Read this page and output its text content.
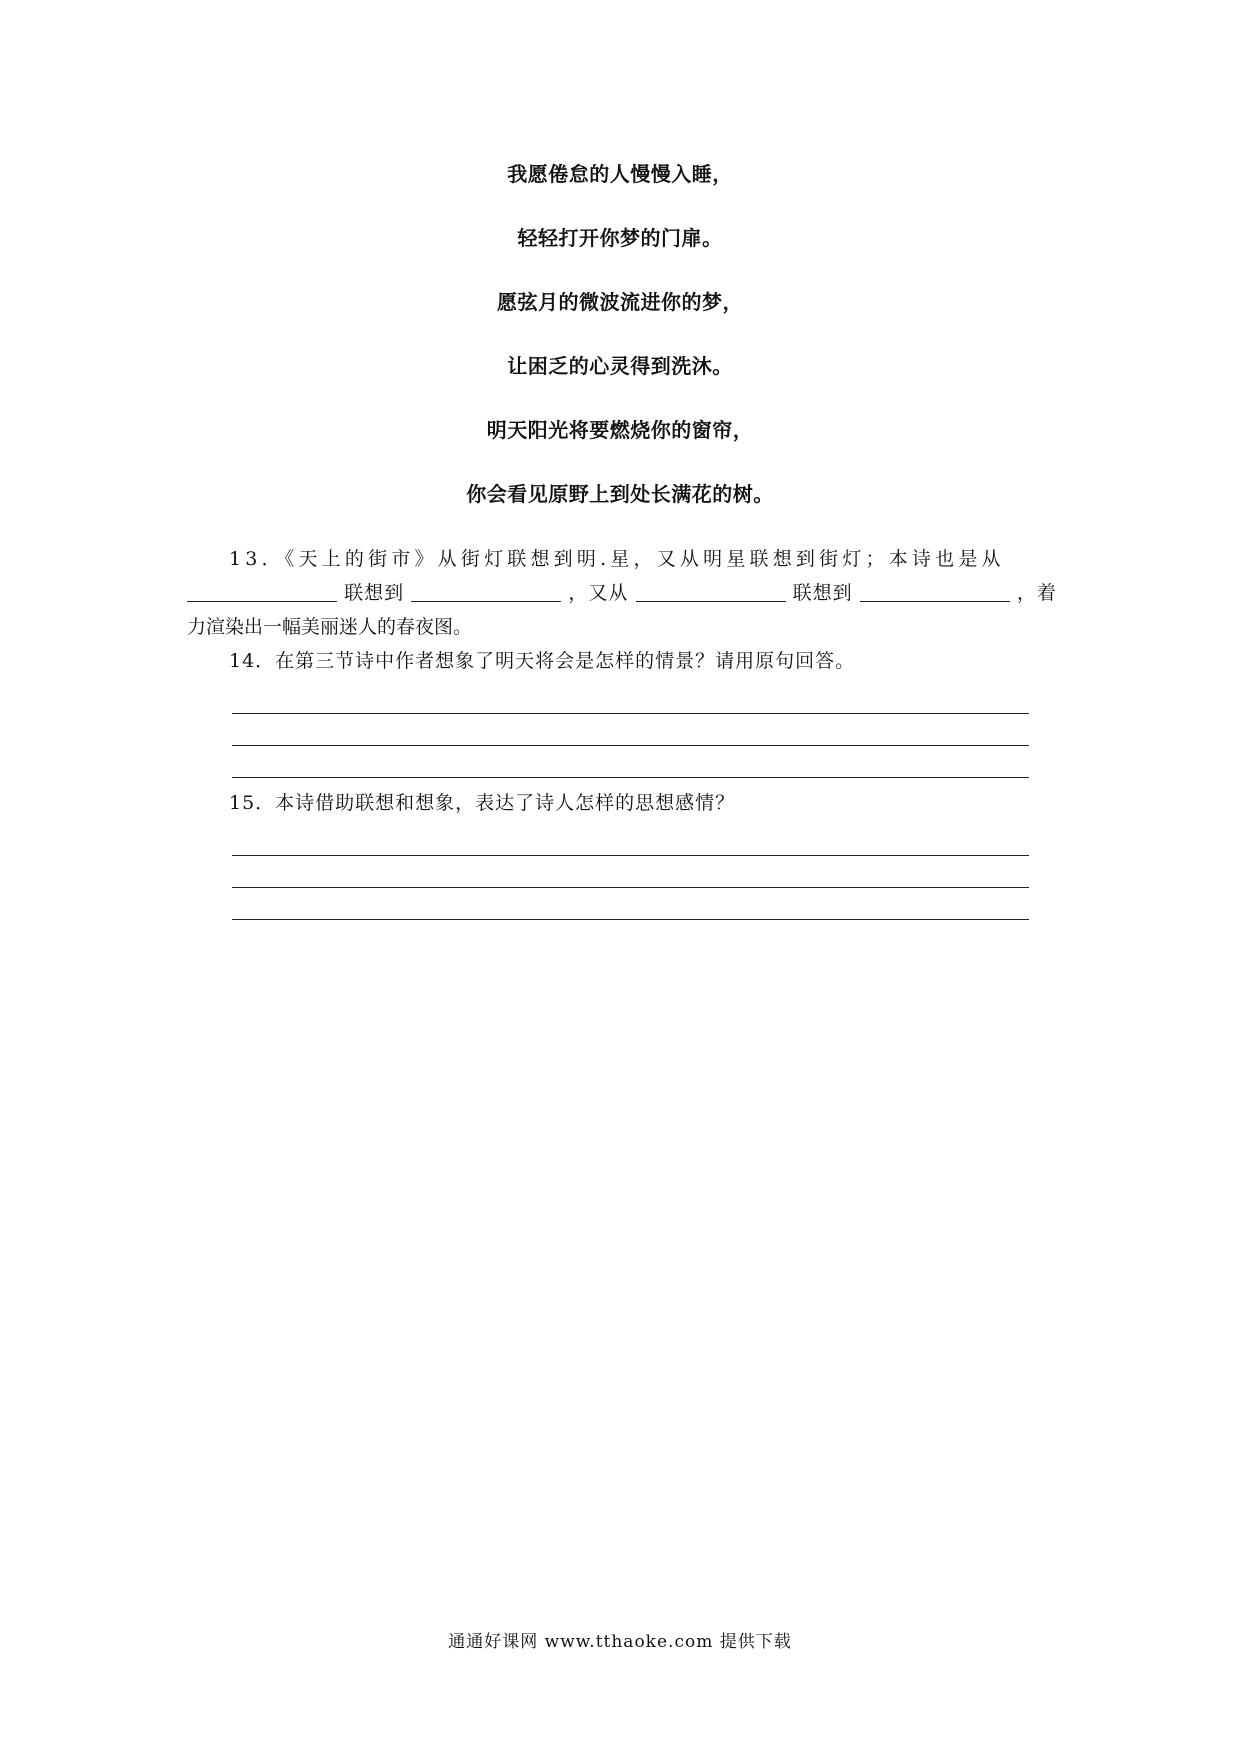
我愿倦怠的人慢慢入睡，
轻轻打开你梦的门扉。
愿弦月的微波流进你的梦，
让困乏的心灵得到洗沐。
明天阳光将要燃烧你的窗帘，
你会看见原野上到处长满花的树。
13．《天上的街市》从街灯联想到明.星，又从明星联想到街灯；本诗也是从
联想到	，又从	联想到	，着
力渲染出一幅美丽迷人的春夜图。
14．在第三节诗中作者想象了明天将会是怎样的情景？请用原句回答。
15．本诗借助联想和想象，表达了诗人怎样的思想感情？
通通好课网 www.tthaoke.com 提供下载
